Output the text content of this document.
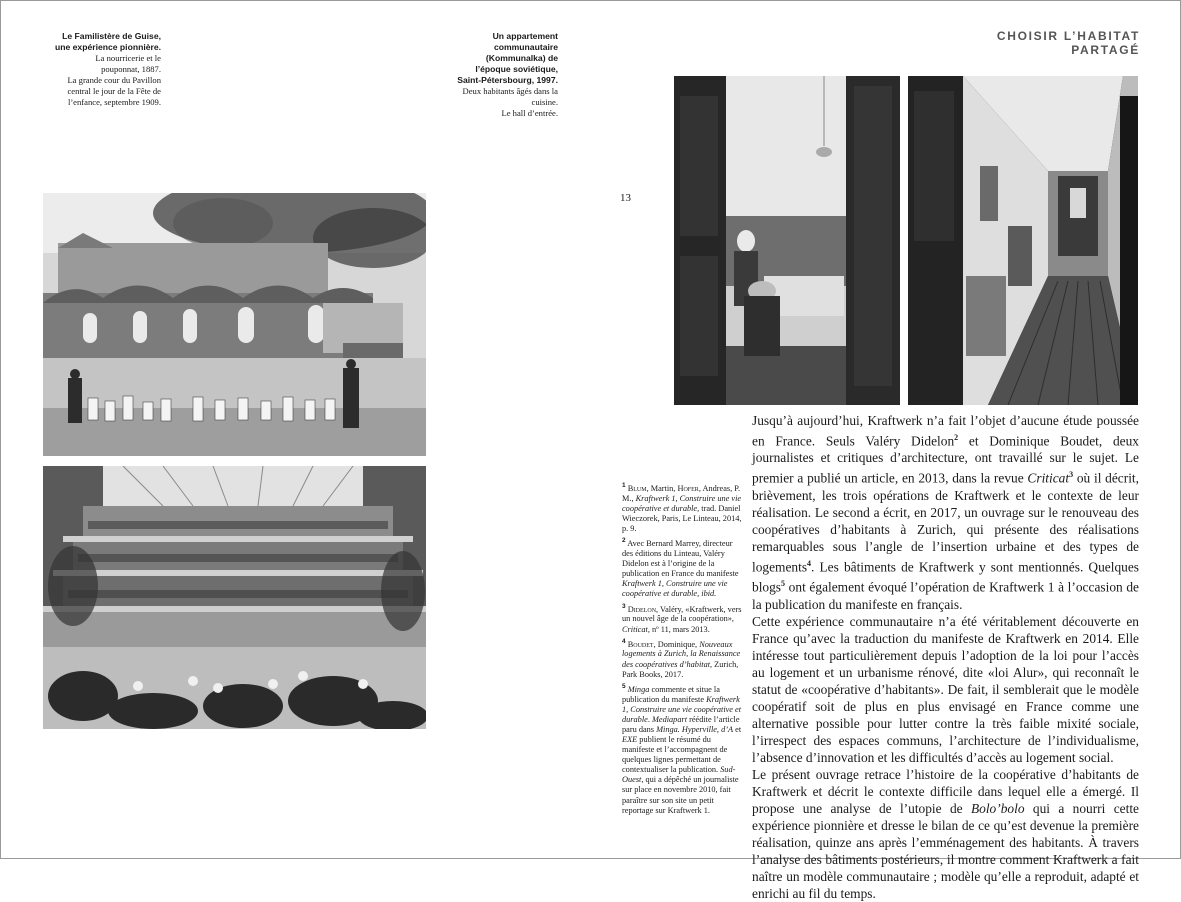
Le Familistère de Guise,
une expérience pionnière.
La nourricerie et le
pouponnat, 1887.
La grande cour du Pavillon
central le jour de la Fête de
l’enfance, septembre 1909.
Un appartement
communautaire
(Kommunalka) de
l’époque soviétique,
Saint-Pétersbourg, 1997.
Deux habitants âgés dans la
cuisine.
Le hall d’entrée.
CHOISIR L’HABITAT PARTAGÉ
13

$^1$ Blum, Martin, Hofer, Andreas, P. M., Kraftwerk 1, Construire une vie coopérative et durable, trad. Daniel Wieczorek, Paris, Le Linteau, 2014, p. 9.

$^2$ Avec Bernard Marrey, directeur des éditions du Linteau, Valéry Didelon est à l’origine de la publication en France du manifeste Kraftwerk 1, Construire une vie coopérative et durable, ibid.

$^3$ Didelon, Valéry, «Kraftwerk, vers un nouvel âge de la coopération», Criticat, nº 11, mars 2013.

$^4$ Boudet, Dominique, Nouveaux logements à Zurich, la Renaissance des coopératives d’habitat, Zurich, Park Books, 2017.

$^5$ Minga commente et situe la publication du manifeste Kraftwerk 1, Construire une vie coopérative et durable. Mediapart réédite l’article paru dans Minga. Hyperville, d’A et EXE publient le résumé du manifeste et l’accompagnent de quelques lignes permettant de contextualiser la publication. Sud-Ouest, qui a dépêché un journaliste sur place en novembre 2010, fait paraître sur son site un petit reportage sur Kraftwerk 1.

Jusqu’à aujourd’hui, Kraftwerk n’a fait l’objet d’aucune étude poussée en France. Seuls Valéry Didelon$^2$ et Dominique Boudet, deux journalistes et critiques d’architecture, ont travaillé sur le sujet. Le premier a publié un article, en 2013, dans la revue Criticat$^3$ où il décrit, brièvement, les trois opérations de Kraftwerk et le contexte de leur réalisation. Le second a écrit, en 2017, un ouvrage sur le renouveau des coopératives d’habitants à Zurich, qui présente des réalisations remarquables sous l’angle de l’insertion urbaine et des types de logements$^4$. Les bâtiments de Kraftwerk y sont mentionnés. Quelques blogs$^5$ ont également évoqué l’opération de Kraftwerk 1 à l’occasion de la publication du manifeste en français.

Cette expérience communautaire n’a été véritablement découverte en France qu’avec la traduction du manifeste de Kraftwerk en 2014. Elle intéresse tout particulièrement depuis l’adoption de la loi pour l’accès au logement et un urbanisme rénové, dite «loi Alur», qui reconnaît le statut de «coopérative d’habitants». De fait, il semblerait que le modèle coopératif soit de plus en plus envisagé en France comme une alternative possible pour lutter contre la très faible mixité sociale, l’irrespect des espaces communs, l’architecture de l’individualisme, l’absence d’innovation et les difficultés d’accès au logement social.

Le présent ouvrage retrace l’histoire de la coopérative d’habitants de Kraftwerk et décrit le contexte difficile dans lequel elle a émergé. Il propose une analyse de l’utopie de Bolo’bolo qui a nourri cette expérience pionnière et dresse le bilan de ce qu’est devenue la première réalisation, quinze ans après l’emménagement des habitants. À travers l’analyse des bâtiments postérieurs, il montre comment Kraftwerk a fait naître un modèle communautaire ; modèle qu’elle a reproduit, adapté et enrichi au fil du temps.
